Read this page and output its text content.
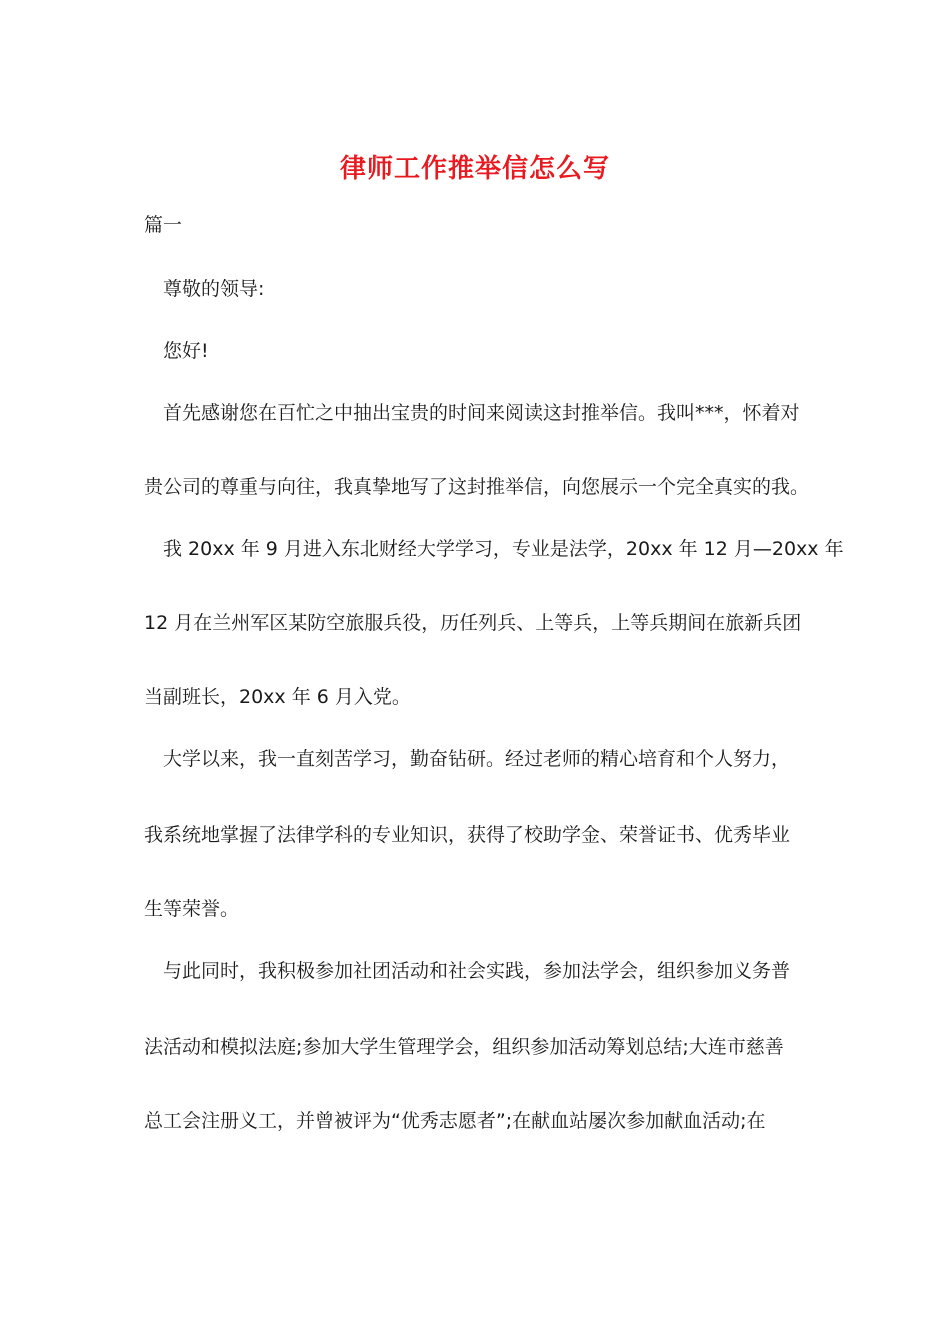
律师工作推举信怎么写

篇一

尊敬的领导:

您好!

首先感谢您在百忙之中抽出宝贵的时间来阅读这封推举信。我叫***，怀着对

贵公司的尊重与向往，我真挚地写了这封推举信，向您展示一个完全真实的我。

我 20xx 年 9 月进入东北财经大学学习，专业是法学，20xx 年 12 月—20xx 年

12 月在兰州军区某防空旅服兵役，历任列兵、上等兵，上等兵期间在旅新兵团

当副班长，20xx 年 6 月入党。

大学以来，我一直刻苦学习，勤奋钻研。经过老师的精心培育和个人努力，

我系统地掌握了法律学科的专业知识，获得了校助学金、荣誉证书、优秀毕业

生等荣誉。

与此同时，我积极参加社团活动和社会实践，参加法学会，组织参加义务普

法活动和模拟法庭;参加大学生管理学会，组织参加活动筹划总结;大连市慈善

总工会注册义工，并曾被评为“优秀志愿者”;在献血站屡次参加献血活动;在
